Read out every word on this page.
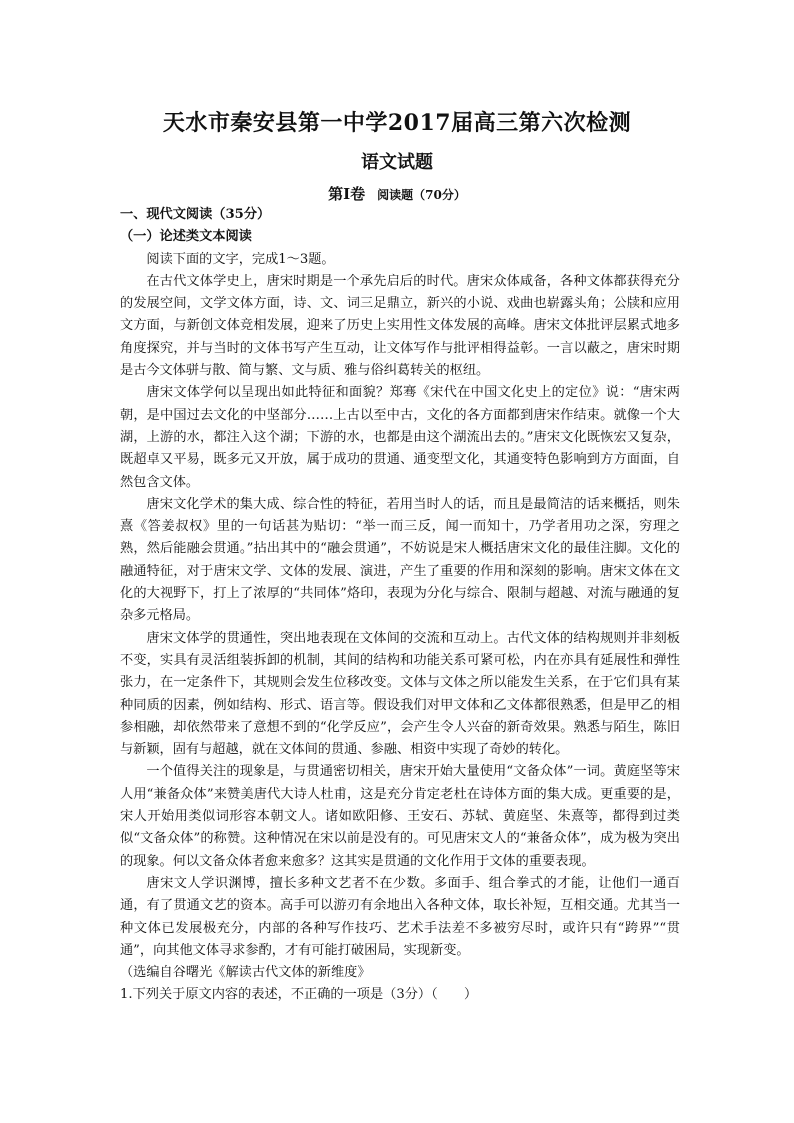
天水市秦安县第一中学2017届高三第六次检测
语文试题
第Ⅰ卷 阅读题（70分）

一、现代文阅读（35分）

（一）论述类文本阅读

阅读下面的文字，完成1～3题。

在古代文体学史上，唐宋时期是一个承先启后的时代。唐宋众体咸备，各种文体都获得充分的发展空间，文学文体方面，诗、文、词三足鼎立，新兴的小说、戏曲也崭露头角；公牍和应用文方面，与新创文体竞相发展，迎来了历史上实用性文体发展的高峰。唐宋文体批评层累式地多角度探究，并与当时的文体书写产生互动，让文体写作与批评相得益彰。一言以蔽之，唐宋时期是古今文体骈与散、简与繁、文与质、雅与俗纠葛转关的枢纽。

唐宋文体学何以呈现出如此特征和面貌？郑骞《宋代在中国文化史上的定位》说：“唐宋两朝，是中国过去文化的中坚部分……上古以至中古，文化的各方面都到唐宋作结束。就像一个大湖，上游的水，都注入这个湖；下游的水，也都是由这个湖流出去的。”唐宋文化既恢宏又复杂，既超卓又平易，既多元又开放，属于成功的贯通、通变型文化，其通变特色影响到方方面面，自然包含文体。

唐宋文化学术的集大成、综合性的特征，若用当时人的话，而且是最简洁的话来概括，则朱熹《答姜叔权》里的一句话甚为贴切：“举一而三反，闻一而知十，乃学者用功之深，穷理之熟，然后能融会贯通。”拈出其中的“融会贯通”，不妨说是宋人概括唐宋文化的最佳注脚。文化的融通特征，对于唐宋文学、文体的发展、演进，产生了重要的作用和深刻的影响。唐宋文体在文化的大视野下，打上了浓厚的“共同体”烙印，表现为分化与综合、限制与超越、对流与融通的复杂多元格局。

唐宋文体学的贯通性，突出地表现在文体间的交流和互动上。古代文体的结构规则并非刻板不变，实具有灵活组装拆卸的机制，其间的结构和功能关系可紧可松，内在亦具有延展性和弹性张力，在一定条件下，其规则会发生位移改变。文体与文体之所以能发生关系，在于它们具有某种同质的因素，例如结构、形式、语言等。假设我们对甲文体和乙文体都很熟悉，但是甲乙的相参相融，却依然带来了意想不到的“化学反应”，会产生令人兴奋的新奇效果。熟悉与陌生，陈旧与新颖，固有与超越，就在文体间的贯通、参融、相资中实现了奇妙的转化。

一个值得关注的现象是，与贯通密切相关，唐宋开始大量使用“文备众体”一词。黄庭坚等宋人用“兼备众体”来赞美唐代大诗人杜甫，这是充分肯定老杜在诗体方面的集大成。更重要的是，宋人开始用类似词形容本朝文人。诸如欧阳修、王安石、苏轼、黄庭坚、朱熹等，都得到过类似“文备众体”的称赞。这种情况在宋以前是没有的。可见唐宋文人的“兼备众体”，成为极为突出的现象。何以文备众体者愈来愈多？这其实是贯通的文化作用于文体的重要表现。

唐宋文人学识渊博，擅长多种文艺者不在少数。多面手、组合拳式的才能，让他们一通百通，有了贯通文艺的资本。高手可以游刃有余地出入各种文体，取长补短，互相交通。尤其当一种文体已发展极充分，内部的各种写作技巧、艺术手法差不多被穷尽时，或许只有“跨界”“贯通”，向其他文体寻求参酌，才有可能打破困局，实现新变。

（选编自谷曙光《解读古代文体的新维度》

1.下列关于原文内容的表述，不正确的一项是（3分）（　　）
